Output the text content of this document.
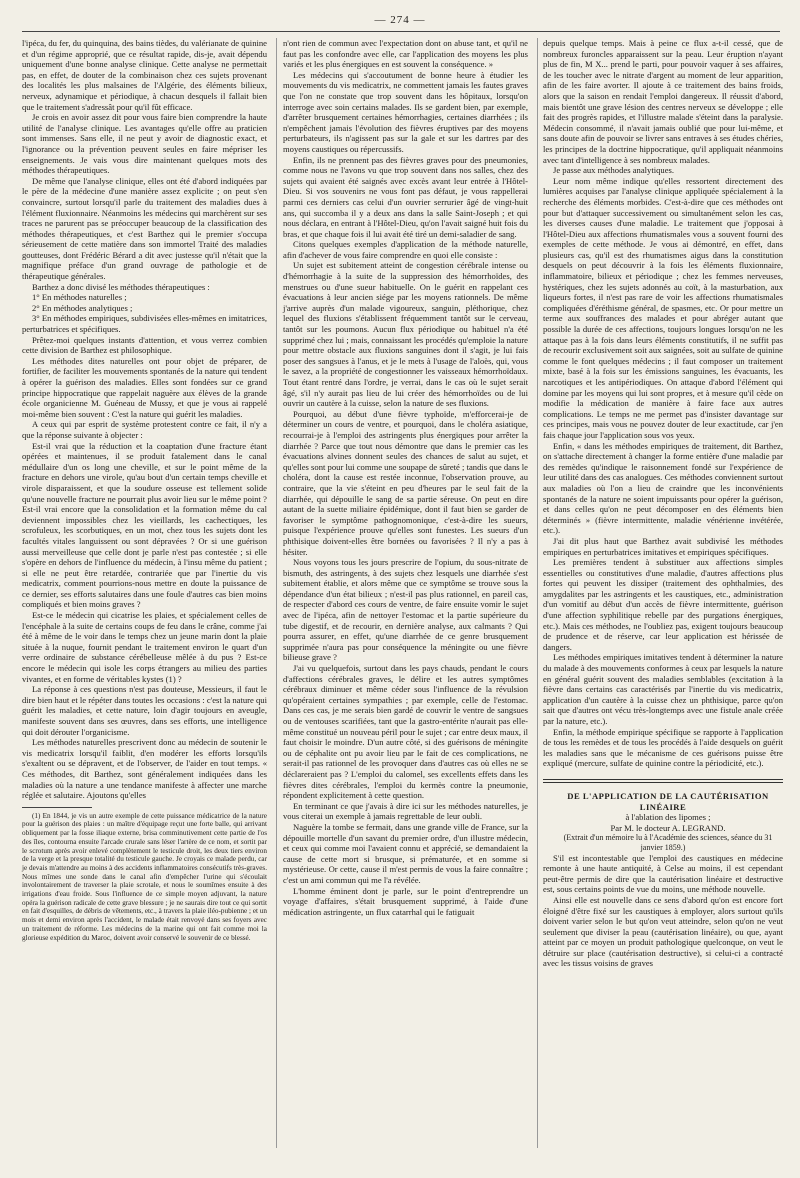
— 274 —

l'ipéca, du fer, du quinquina, des bains tièdes, du valérianate de quinine et d'un régime approprié, que ce résultat rapide, dis-je, avait dépendu uniquement d'une bonne analyse clinique. Cette analyse ne permettait pas, en effet, de douter de la combinaison chez ces sujets provenant des localités les plus malsaines de l'Algérie, des éléments bilieux, nerveux, adynamique et périodique, à chacun desquels il fallait bien que le traitement s'adressât pour qu'il fût efficace.

Je crois en avoir assez dit pour vous faire bien comprendre la haute utilité de l'analyse clinique. Les avantages qu'elle offre au praticien sont immenses. Sans elle, il ne peut y avoir de diagnostic exact, et l'ignorance ou la prévention peuvent seules en faire mépriser les enseignements. Je vais vous dire maintenant quelques mots des méthodes thérapeutiques.

De même que l'analyse clinique, elles ont été d'abord indiquées par le père de la médecine d'une manière assez explicite ; on peut s'en convaincre, surtout lorsqu'il parle du traitement des maladies dues à l'élément fluxionnaire. Néanmoins les médecins qui marchèrent sur ses traces ne parurent pas se préoccuper beaucoup de la classification des méthodes thérapeutiques, et c'est Barthez qui le premier s'occupa sérieusement de cette matière dans son immortel Traité des maladies goutteuses, dont Frédéric Bérard a dit avec justesse qu'il n'était que la magnifique préface d'un grand ouvrage de pathologie et de thérapeutique générales.

Barthez a donc divisé les méthodes thérapeutiques :

1° En méthodes naturelles ;

2° En méthodes analytiques ;

3° En méthodes empiriques, subdivisées elles-mêmes en imitatrices, perturbatrices et spécifiques.

Prêtez-moi quelques instants d'attention, et vous verrez combien cette division de Barthez est philosophique.

Les méthodes dites naturelles ont pour objet de préparer, de fortifier, de faciliter les mouvements spontanés de la nature qui tendent à opérer la guérison des maladies. Elles sont fondées sur ce grand principe hippocratique que rappelait naguère aux élèves de la grande école organicienne M. Guéneau de Mussy, et que je vous ai rappelé moi-même bien souvent : C'est la nature qui guérit les maladies.

A ceux qui par esprit de système protestent contre ce fait, il n'y a que la réponse suivante à objecter :

Est-il vrai que la réduction et la coaptation d'une fracture étant opérées et maintenues, il se produit fatalement dans le canal médullaire d'un os long une cheville, et sur le point même de la fracture en dehors une virole, qu'au bout d'un certain temps cheville et virole disparaissent, et que la soudure osseuse est tellement solide qu'une nouvelle fracture ne pourrait plus avoir lieu sur le même point ? Est-il vrai encore que la consolidation et la formation même du cal deviennent impossibles chez les vieillards, les cachectiques, les scrofuleux, les scorbutiques, en un mot, chez tous les sujets dont les facultés vitales languissent ou sont dépravées ? Or si une guérison aussi merveilleuse que celle dont je parle n'est pas contestée ; si elle s'opère en dehors de l'influence du médecin, à l'insu même du patient ; si elle ne peut être retardée, contrariée que par l'inertie du vis medicatrix, comment pourrions-nous mettre en doute la puissance de ce dernier, ses efforts salutaires dans une foule d'autres cas bien moins compliqués et bien moins graves ?

Est-ce le médecin qui cicatrise les plaies, et spécialement celles de l'encéphale à la suite de certains coups de feu dans le crâne, comme j'ai été à même de le voir dans le temps chez un jeune marin dont la plaie située à la nuque, fournit pendant le traitement environ le quart d'un verre ordinaire de substance cérébelleuse mêlée à du pus ? Est-ce encore le médecin qui isole les corps étrangers au milieu des parties vivantes, et en forme de véritables kystes (1) ?

La réponse à ces questions n'est pas douteuse, Messieurs, il faut le dire bien haut et le répéter dans toutes les occasions : c'est la nature qui guérit les maladies, et cette nature, loin d'agir toujours en aveugle, manifeste souvent dans ses œuvres, dans ses efforts, une intelligence qui doit dérouter l'organicisme.

Les méthodes naturelles prescrivent donc au médecin de soutenir le vis medicatrix lorsqu'il faiblit, d'en modérer les efforts lorsqu'ils s'exaltent ou se dépravent, et de l'observer, de l'aider en tout temps. « Ces méthodes, dit Barthez, sont généralement indiquées dans les maladies où la nature a une tendance manifeste à affecter une marche réglée et salutaire. Ajoutons qu'elles

(1) En 1844, je vis un autre exemple de cette puissance médicatrice de la nature pour la guérison des plaies : un maître d'équipage reçut une forte balle, qui arrivant obliquement par la fosse iliaque externe, brisa comminutivement cette partie de l'os des îles, contourna ensuite l'arcade crurale sans léser l'artère de ce nom, et sortit par le scrotum après avoir enlevé complètement le testicule droit, les deux tiers environ de la verge et la presque totalité du testicule gauche. Je croyais ce malade perdu, car je devais m'attendre au moins à des accidents inflammatoires consécutifs très-graves. Nous mîmes une sonde dans le canal afin d'empêcher l'urine qui s'écoulait involontairement de traverser la plaie scrotale, et nous le soumîmes ensuite à des irrigations d'eau froide. Sous l'influence de ce simple moyen adjuvant, la nature opéra la guérison radicale de cette grave blessure ; je ne saurais dire tout ce qui sortit en fait d'esquilles, de débris de vêtements, etc., à travers la plaie iléo-pubienne ; et un mois et demi environ après l'accident, le malade était renvoyé dans ses foyers avec un traitement de réforme. Les médecins de la marine qui ont fait comme moi la glorieuse expédition du Maroc, doivent avoir conservé le souvenir de ce blessé.

n'ont rien de commun avec l'expectation dont on abuse tant, et qu'il ne faut pas les confondre avec elle, car l'application des moyens les plus variés et les plus énergiques en est souvent la conséquence. »

Les médecins qui s'accoutument de bonne heure à étudier les mouvements du vis medicatrix, ne commettent jamais les fautes graves que l'on ne constate que trop souvent dans les hôpitaux, lorsqu'on interroge avec soin certains malades. Ils se gardent bien, par exemple, d'arrêter brusquement certaines hémorrhagies, certaines diarrhées ; ils n'empêchent jamais l'évolution des fièvres éruptives par des moyens perturbateurs, ils n'agissent pas sur la gale et sur les dartres par des moyens caustiques ou répercussifs.

Enfin, ils ne prennent pas des fièvres graves pour des pneumonies, comme nous ne l'avons vu que trop souvent dans nos salles, chez des sujets qui avaient été saignés avec excès avant leur entrée à l'Hôtel-Dieu. Si vos souvenirs ne vous font pas défaut, je vous rappellerai parmi ces derniers cas celui d'un ouvrier serrurier âgé de vingt-huit ans, qui succomba il y a deux ans dans la salle Saint-Joseph ; et qui nous déclara, en entrant à l'Hôtel-Dieu, qu'on l'avait saigné huit fois du bras, et que chaque fois il lui avait été tiré un demi-saladier de sang.

Citons quelques exemples d'application de la méthode naturelle, afin d'achever de vous faire comprendre en quoi elle consiste :

Un sujet est subitement atteint de congestion cérébrale intense ou d'hémorrhagie à la suite de la suppression des hémorrhoïdes, des menstrues ou d'une sueur habituelle. On le guérit en rappelant ces évacuations à leur ancien siége par les moyens rationnels. De même j'arrive auprès d'un malade vigoureux, sanguin, pléthorique, chez lequel des fluxions s'établissent fréquemment tantôt sur le cerveau, tantôt sur les poumons. Aucun flux périodique ou habituel n'a été supprimé chez lui ; mais, connaissant les procédés qu'emploie la nature pour mettre obstacle aux fluxions sanguines dont il s'agit, je lui fais poser des sangsues à l'anus, et je le mets à l'usage de l'aloès, qui, vous le savez, a la propriété de congestionner les vaisseaux hémorrhoïdaux. Tout étant rentré dans l'ordre, je verrai, dans le cas où le sujet serait âgé, s'il n'y aurait pas lieu de lui créer des hémorrhoïdes ou de lui ouvrir un cautère à la cuisse, selon la nature de ses fluxions.

Pourquoi, au début d'une fièvre typhoïde, m'efforcerai-je de déterminer un cours de ventre, et pourquoi, dans le choléra asiatique, recourrai-je à l'emploi des astringents plus énergiques pour arrêter la diarrhée ? Parce que tout nous démontre que dans le premier cas les évacuations alvines donnent seules des chances de salut au sujet, et qu'elles sont pour lui comme une soupape de sûreté ; tandis que dans le choléra, dont la cause est restée inconnue, l'observation prouve, au contraire, que la vie s'éteint en peu d'heures par le seul fait de la diarrhée, qui dépouille le sang de sa partie séreuse. On peut en dire autant de la suette miliaire épidémique, dont il faut bien se garder de favoriser le symptôme pathognomonique, c'est-à-dire les sueurs, puisque l'expérience prouve qu'elles sont funestes. Les sueurs d'un phthisique doivent-elles être bornées ou favorisées ? Il n'y a pas à hésiter.

Nous voyons tous les jours prescrire de l'opium, du sous-nitrate de bismuth, des astringents, à des sujets chez lesquels une diarrhée s'est subitement établie, et alors même que ce symptôme se trouve sous la dépendance d'un état bilieux ; n'est-il pas plus rationnel, en pareil cas, de respecter d'abord ces cours de ventre, de faire ensuite vomir le sujet avec de l'ipéca, afin de nettoyer l'estomac et la partie supérieure du tube digestif, et de recourir, en dernière analyse, aux calmants ? Qui pourra assurer, en effet, qu'une diarrhée de ce genre brusquement supprimée n'aura pas pour conséquence la méningite ou une fièvre bilieuse grave ?

J'ai vu quelquefois, surtout dans les pays chauds, pendant le cours d'affections cérébrales graves, le délire et les autres symptômes cérébraux diminuer et même céder sous l'influence de la révulsion qu'opéraient certaines sympathies ; par exemple, celle de l'estomac. Dans ces cas, je me serais bien gardé de couvrir le ventre de sangsues ou de ventouses scarifiées, tant que la gastro-entérite n'aurait pas elle-même constitué un nouveau péril pour le sujet ; car entre deux maux, il faut choisir le moindre. D'un autre côté, si des guérisons de méningite ou de céphalite ont pu avoir lieu par le fait de ces complications, ne serait-il pas rationnel de les provoquer dans d'autres cas où elles ne se déclareraient pas ? L'emploi du calomel, ses excellents effets dans les fièvres dites cérébrales, l'emploi du kermès contre la pneumonie, répondent explicitement à cette question.

En terminant ce que j'avais à dire ici sur les méthodes naturelles, je vous citerai un exemple à jamais regrettable de leur oubli.

Naguère la tombe se fermait, dans une grande ville de France, sur la dépouille mortelle d'un savant du premier ordre, d'un illustre médecin, et ceux qui comme moi l'avaient connu et apprécié, se demandaient la cause de cette mort si brusque, si prématurée, et en somme si mystérieuse. Or cette, cause il m'est permis de vous la faire connaître ; c'est un ami commun qui me l'a révélée.

L'homme éminent dont je parle, sur le point d'entreprendre un voyage d'affaires, s'était brusquement supprimé, à l'aide d'une médication astringente, un flux catarrhal qui le fatiguait

depuis quelque temps. Mais à peine ce flux a-t-il cessé, que de nombreux furoncles apparaissent sur la peau. Leur éruption n'ayant plus de fin, M X... prend le parti, pour pouvoir vaquer à ses affaires, de les toucher avec le nitrate d'argent au moment de leur apparition, afin de les faire avorter. Il ajoute à ce traitement des bains froids, alors que la saison en rendait l'emploi dangereux. Il réussit d'abord, mais bientôt une grave lésion des centres nerveux se développe ; elle fait des progrès rapides, et l'illustre malade s'éteint dans la paralysie. Médecin consommé, il n'avait jamais oublié que pour lui-même, et sans doute afin de pouvoir se livrer sans entraves à ses études chéries, les principes de la doctrine hippocratique, qu'il appliquait néanmoins avec tant d'intelligence à ses nombreux malades.

Je passe aux méthodes analytiques.

Leur nom même indique qu'elles ressortent directement des lumières acquises par l'analyse clinique appliquée spécialement à la recherche des éléments morbides. C'est-à-dire que ces méthodes ont pour but d'attaquer successivement ou simultanément selon les cas, les diverses causes d'une maladie. Le traitement que j'opposai à l'Hôtel-Dieu aux affections rhumatismales vous a souvent fourni des exemples de cette méthode. Je vous ai démontré, en effet, dans plusieurs cas, qu'il est des rhumatismes aigus dans la constitution desquels on peut découvrir à la fois les éléments fluxionnaire, inflammatoire, bilieux et périodique ; chez les femmes nerveuses, hystériques, chez les sujets adonnés au coït, à la masturbation, aux liqueurs fortes, il n'est pas rare de voir les affections rhumatismales compliquées d'éréthisme général, de spasmes, etc. Or pour mettre un terme aux souffrances des malades et pour abréger autant que possible la durée de ces affections, toujours longues lorsqu'on ne les attaque pas à la fois dans leurs éléments constitutifs, il ne suffit pas de recourir exclusivement soit aux saignées, soit au sulfate de quinine comme le font quelques médecins ; il faut composer un traitement mixte, basé à la fois sur les émissions sanguines, les évacuants, les narcotiques et les antipériodiques. On attaque d'abord l'élément qui domine par les moyens qui lui sont propres, et à mesure qu'il cède on modifie la médication de manière à faire face aux autres complications. Le temps ne me permet pas d'insister davantage sur ces principes, mais vous ne pouvez douter de leur exactitude, car j'en fais chaque jour l'application sous vos yeux.

Enfin, « dans les méthodes empiriques de traitement, dit Barthez, on s'attache directement à changer la forme entière d'une maladie par des remèdes qu'indique le raisonnement fondé sur l'expérience de leur utilité dans des cas analogues. Ces méthodes conviennent surtout aux maladies où l'on a lieu de craindre que les inconvénients spontanés de la nature ne soient impuissants pour opérer la guérison, et dans celles qu'on ne peut décomposer en des éléments bien déterminés » (fièvre intermittente, maladie vénérienne invétérée, etc.).

J'ai dit plus haut que Barthez avait subdivisé les méthodes empiriques en perturbatrices imitatives et empiriques spécifiques.

Les premières tendent à substituer aux affections simples essentielles ou constitutives d'une maladie, d'autres affections plus fortes qui peuvent les dissiper (traitement des ophthalmies, des amygdalites par les astringents et les caustiques, etc., administration d'un vomitif au début d'un accès de fièvre intermittente, guérison d'une affection syphilitique rebelle par des purgations énergiques, etc.). Mais ces méthodes, ne l'oubliez pas, exigent toujours beaucoup de prudence et de réserve, car leur application est hérissée de dangers.

Les méthodes empiriques imitatives tendent à déterminer la nature du malade à des mouvements conformes à ceux par lesquels la nature en général guérit souvent des maladies semblables (excitation à la fièvre dans certains cas caractérisés par l'inertie du vis medicatrix, application d'un cautère à la cuisse chez un phthisique, parce qu'on sait que d'autres ont vécu très-longtemps avec une fistule anale créée par la nature, etc.).

Enfin, la méthode empirique spécifique se rapporte à l'application de tous les remèdes et de tous les procédés à l'aide desquels on guérit les maladies sans que le mécanisme de ces guérisons puisse être expliqué (mercure, sulfate de quinine contre la périodicité, etc.).

DE L'APPLICATION DE LA CAUTÉRISATION LINÉAIRE

à l'ablation des lipomes ;

Par M. le docteur A. LEGRAND.

(Extrait d'un mémoire lu à l'Académie des sciences, séance du 31 janvier 1859.)

S'il est incontestable que l'emploi des caustiques en médecine remonte à une haute antiquité, à Celse au moins, il est cependant peut-être permis de dire que la cautérisation linéaire et destructive est, sous certains points de vue du moins, une méthode nouvelle.

Ainsi elle est nouvelle dans ce sens d'abord qu'on est encore fort éloigné d'être fixé sur les caustiques à employer, alors surtout qu'ils doivent varier selon le but qu'on veut atteindre, selon qu'on ne veut seulement que diviser la peau (cautérisation linéaire), ou que, ayant atteint par ce moyen un produit pathologique quelconque, on veut le détruire sur place (cautérisation destructive), si celui-ci a contracté avec les tissus voisins de graves
